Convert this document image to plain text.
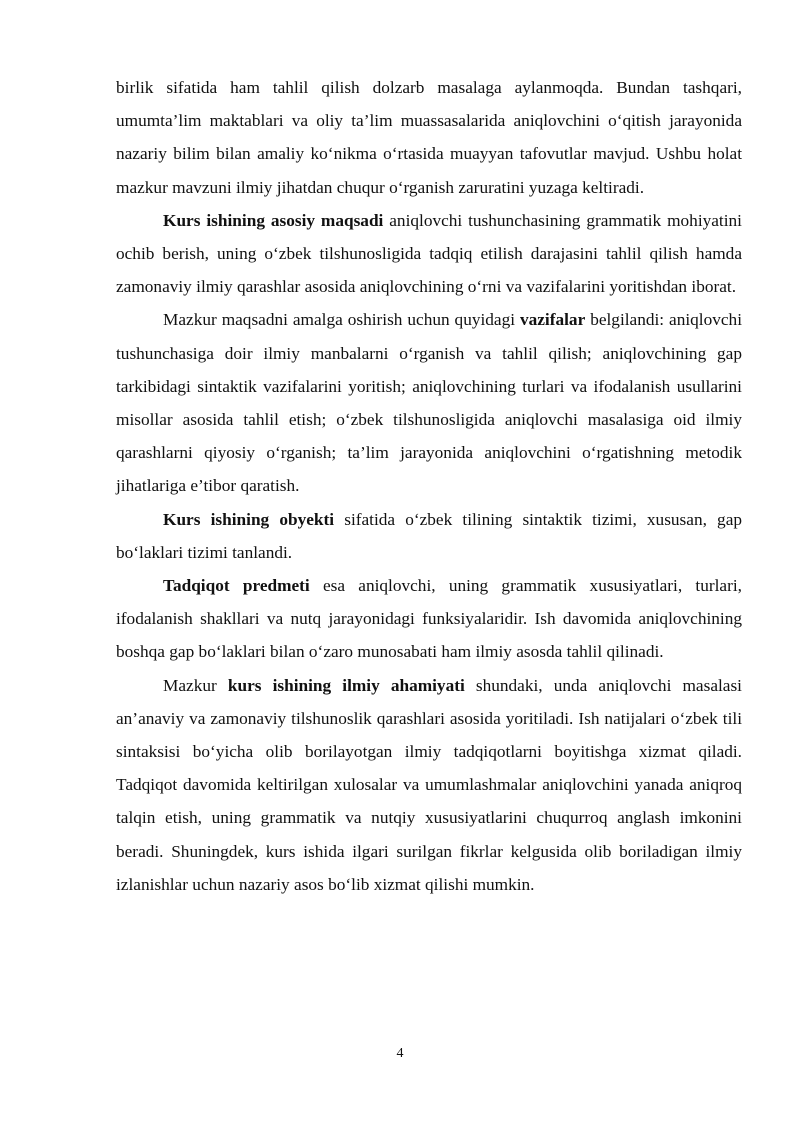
birlik sifatida ham tahlil qilish dolzarb masalaga aylanmoqda. Bundan tashqari, umumta’lim maktablari va oliy ta’lim muassasalarida aniqlovchini o‘qitish jarayonida nazariy bilim bilan amaliy ko‘nikma o‘rtasida muayyan tafovutlar mavjud. Ushbu holat mazkur mavzuni ilmiy jihatdan chuqur o‘rganish zaruratini yuzaga keltiradi.

Kurs ishining asosiy maqsadi aniqlovchi tushunchasining grammatik mohiyatini ochib berish, uning o‘zbek tilshunosligida tadqiq etilish darajasini tahlil qilish hamda zamonaviy ilmiy qarashlar asosida aniqlovchining o‘rni va vazifalarini yoritishdan iborat.

Mazkur maqsadni amalga oshirish uchun quyidagi vazifalar belgilandi: aniqlovchi tushunchasiga doir ilmiy manbalarni o‘rganish va tahlil qilish; aniqlovchining gap tarkibidagi sintaktik vazifalarini yoritish; aniqlovchining turlari va ifodalanish usullarini misollar asosida tahlil etish; o‘zbek tilshunosligida aniqlovchi masalasiga oid ilmiy qarashlarni qiyosiy o‘rganish; ta’lim jarayonida aniqlovchini o‘rgatishning metodik jihatlariga e’tibor qaratish.

Kurs ishining obyekti sifatida o‘zbek tilining sintaktik tizimi, xususan, gap bo‘laklari tizimi tanlandi.

Tadqiqot predmeti esa aniqlovchi, uning grammatik xususiyatlari, turlari, ifodalanish shakllari va nutq jarayonidagi funksiyalaridir. Ish davomida aniqlovchining boshqa gap bo‘laklari bilan o‘zaro munosabati ham ilmiy asosda tahlil qilinadi.

Mazkur kurs ishining ilmiy ahamiyati shundaki, unda aniqlovchi masalasi an’anaviy va zamonaviy tilshunoslik qarashlari asosida yoritiladi. Ish natijalari o‘zbek tili sintaksisi bo‘yicha olib borilayotgan ilmiy tadqiqotlarni boyitishga xizmat qiladi. Tadqiqot davomida keltirilgan xulosalar va umumlashmalar aniqlovchini yanada aniqroq talqin etish, uning grammatik va nutqiy xususiyatlarini chuqurroq anglash imkonini beradi. Shuningdek, kurs ishida ilgari surilgan fikrlar kelgusida olib boriladigan ilmiy izlanishlar uchun nazariy asos bo‘lib xizmat qilishi mumkin.

4
